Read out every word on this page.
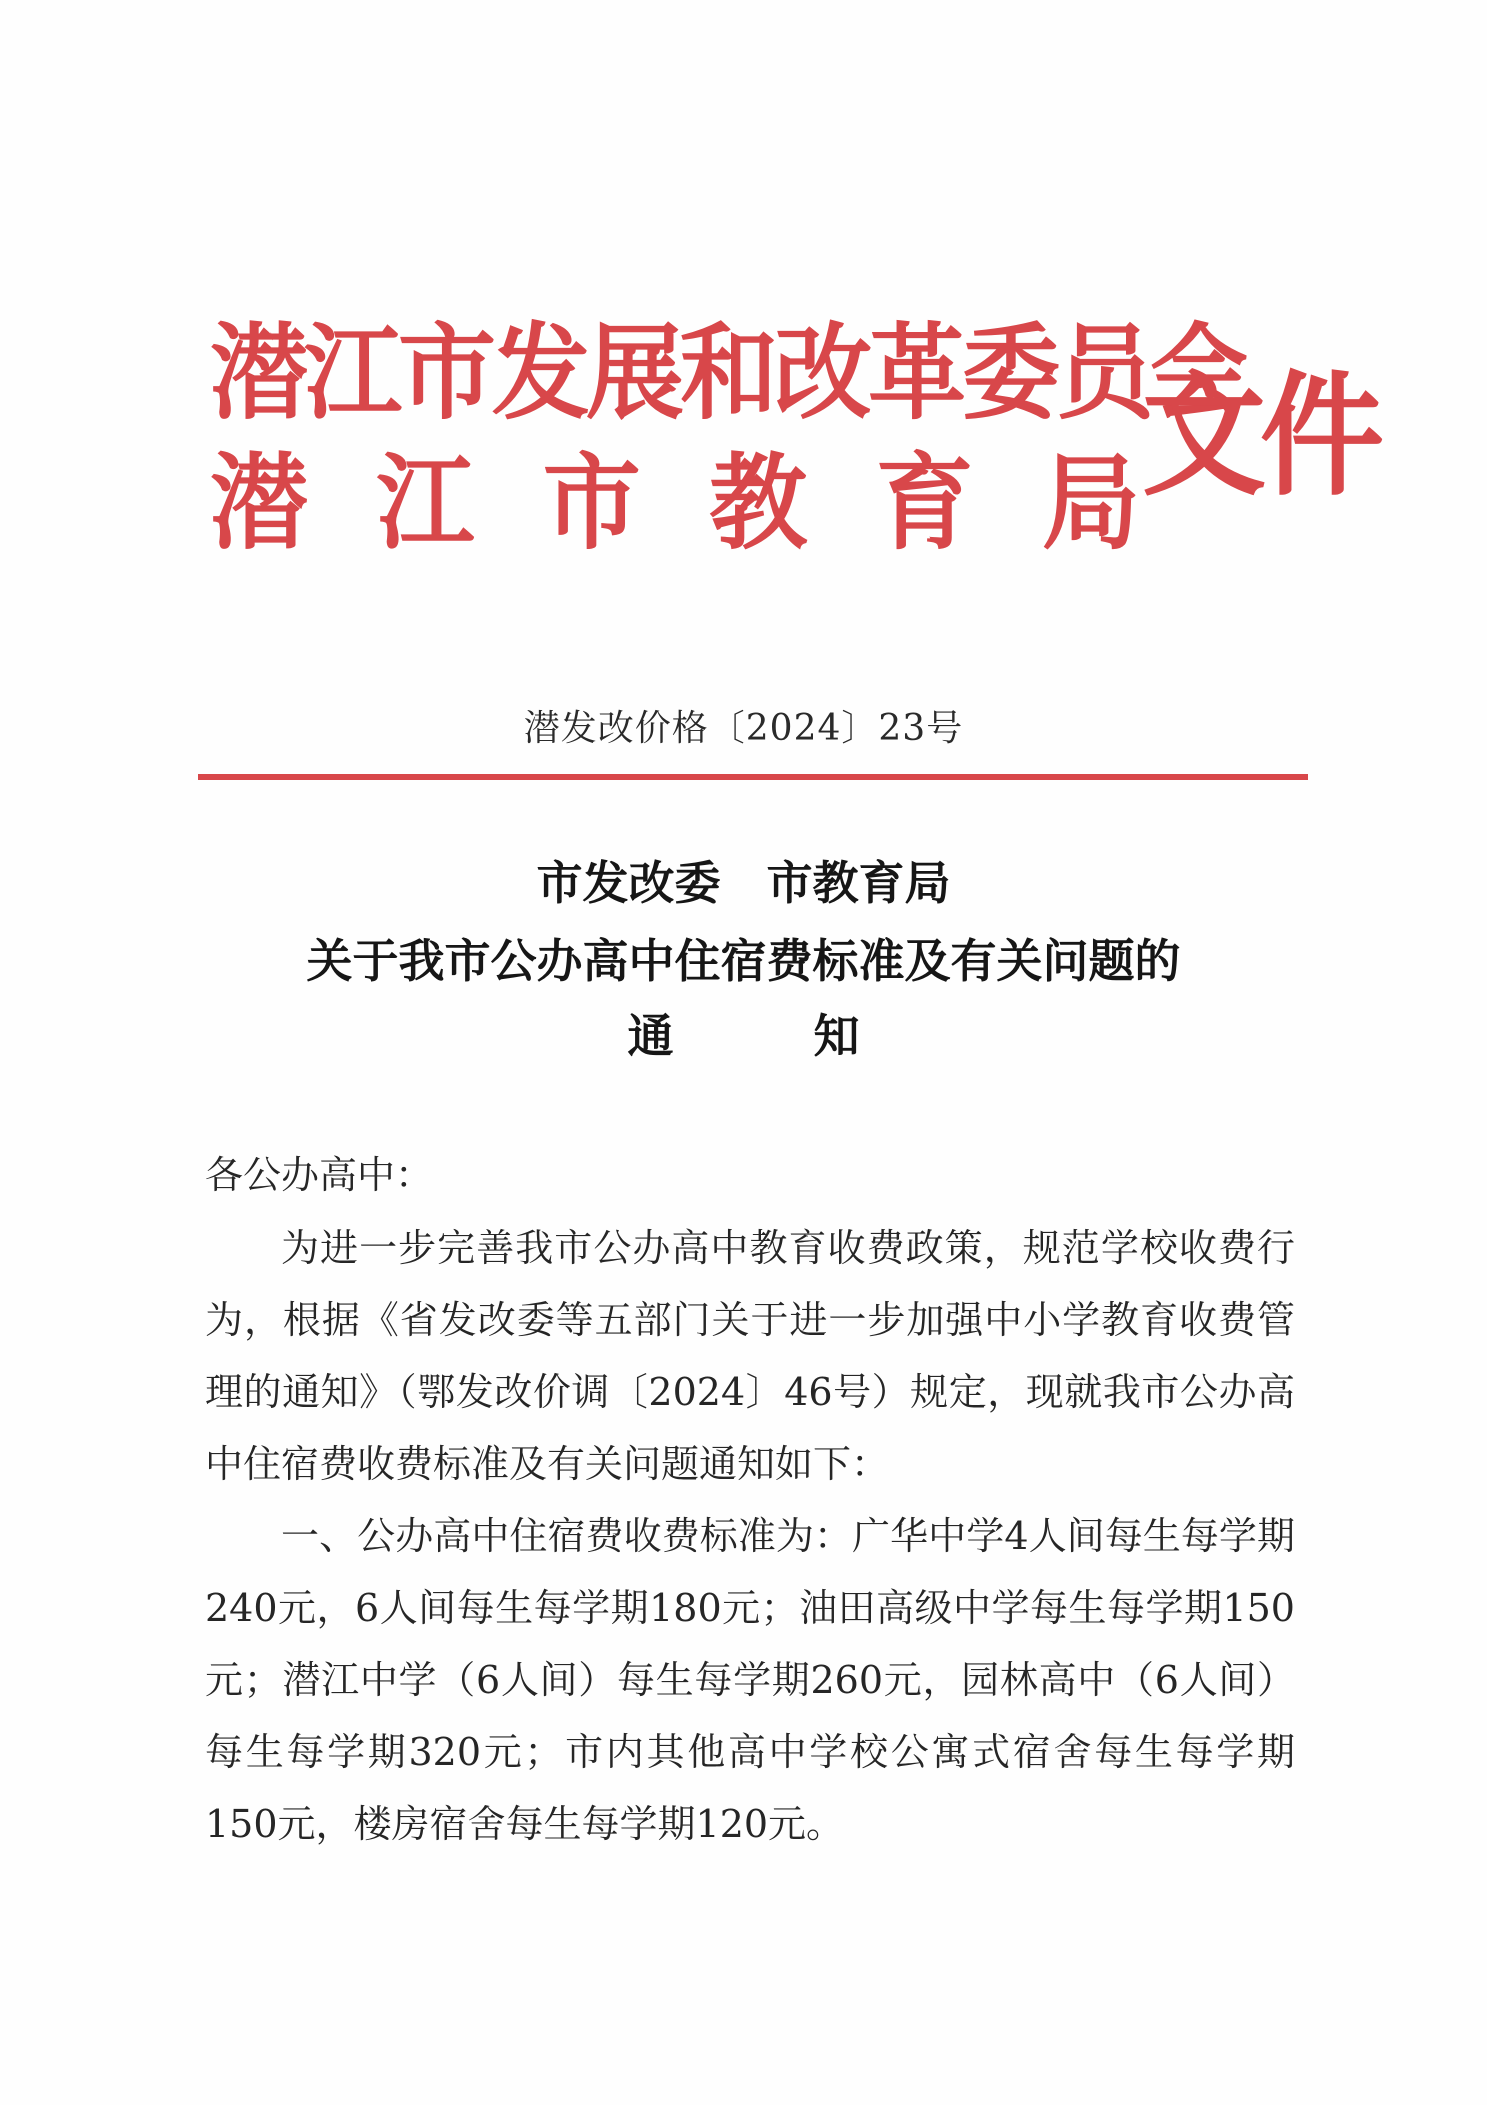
潜江市发展和改革委员会
潜江市教育局 文件
潜发改价格〔2024〕23号
市发改委　市教育局
关于我市公办高中住宿费标准及有关问题的
通知
各公办高中：

为进一步完善我市公办高中教育收费政策，规范学校收费行为，根据《省发改委等五部门关于进一步加强中小学教育收费管理的通知》（鄂发改价调〔2024〕46号）规定，现就我市公办高中住宿费收费标准及有关问题通知如下：

一、公办高中住宿费收费标准为：广华中学4人间每生每学期240元，6人间每生每学期180元；油田高级中学每生每学期150元；潜江中学（6人间）每生每学期260元，园林高中（6人间）每生每学期320元；市内其他高中学校公寓式宿舍每生每学期150元，楼房宿舍每生每学期120元。
